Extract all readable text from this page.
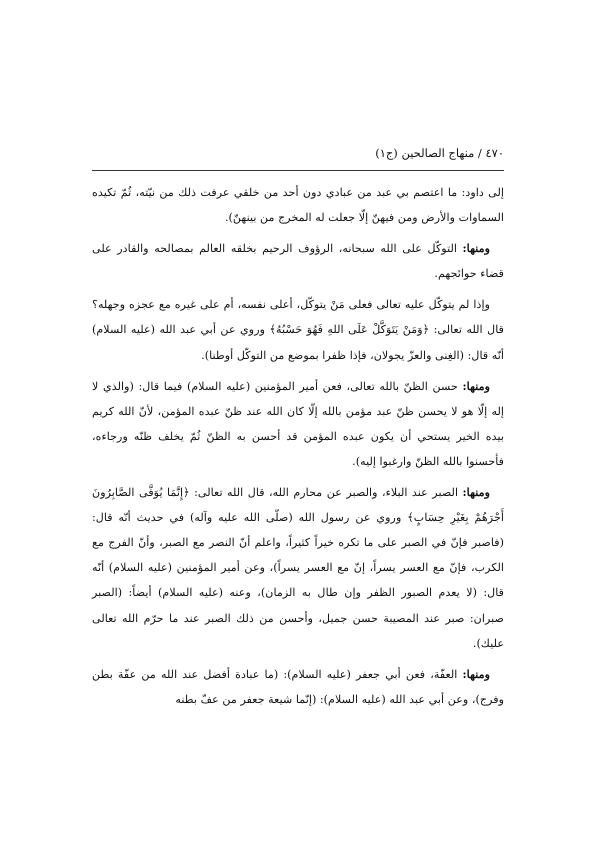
٤٧٠ / منهاج الصالحين (ج١)

إلى داود: ما اعتصم بي عبد من عبادي دون أحد من خلقي عرفت ذلك من نيّته، ثُمّ تكيده السماوات والأرض ومن فيهنّ إلّا جعلت له المخرج من بينهنّ).

ومنها: التوكّل على الله سبحانه، الرؤوف الرحيم بخلقه العالم بمصالحه والقادر على قضاء حوائجهم.

وإذا لم يتوكّل عليه تعالى فعلى مَنْ يتوكّل، أعلى نفسه، أم على غيره مع عجزه وجهله؟ قال الله تعالى: ﴿وَمَنْ يَتَوَكَّلْ عَلَى اللهِ فَهُوَ حَسْبُهُ﴾ وروي عن أبي عبد الله (عليه السلام) أنّه قال: (الغِنى والعزّ يجولان، فإذا ظفرا بموضع من التوكّل أوطنا).

ومنها: حسن الظنّ بالله تعالى، فعن أمير المؤمنين (عليه السلام) فيما قال: (والذي لا إله إلّا هو لا يحسن ظنّ عبد مؤمن بالله إلّا كان الله عند ظنّ عبده المؤمن، لأنّ الله كريم بيده الخير يستحي أن يكون عبده المؤمن قد أحسن به الظنّ ثُمّ يخلف ظنّه ورجاءه، فأحسنوا بالله الظنّ وارغبوا إليه).

ومنها: الصبر عند البلاء، والصبر عن محارم الله، قال الله تعالى: ﴿إِنَّمَا يُوَفَّى الصَّابِرُونَ أَجْرَهُمْ بِغَيْرِ حِسَابٍ﴾ وروي عن رسول الله (صلّى الله عليه وآله) في حديث أنّه قال: (فاصبر فإنّ في الصبر على ما تكره خيراً كثيراً، واعلم أنّ النصر مع الصبر، وأنّ الفرج مع الكرب، فإنّ مع العسر يسراً، إنّ مع العسر يسراً)، وعن أمير المؤمنين (عليه السلام) أنّه قال: (لا يعدم الصبور الظفر وإن طال به الزمان)، وعنه (عليه السلام) أيضاً: (الصبر صبران: صبر عند المصيبة حسن جميل، وأحسن من ذلك الصبر عند ما حرّم الله تعالى عليك).

ومنها: العفّة، فعن أبي جعفر (عليه السلام): (ما عبادة أفضل عند الله من عفّة بطن وفرج)، وعن أبي عبد الله (عليه السلام): (إنّما شيعة جعفر من عفّ بطنه
